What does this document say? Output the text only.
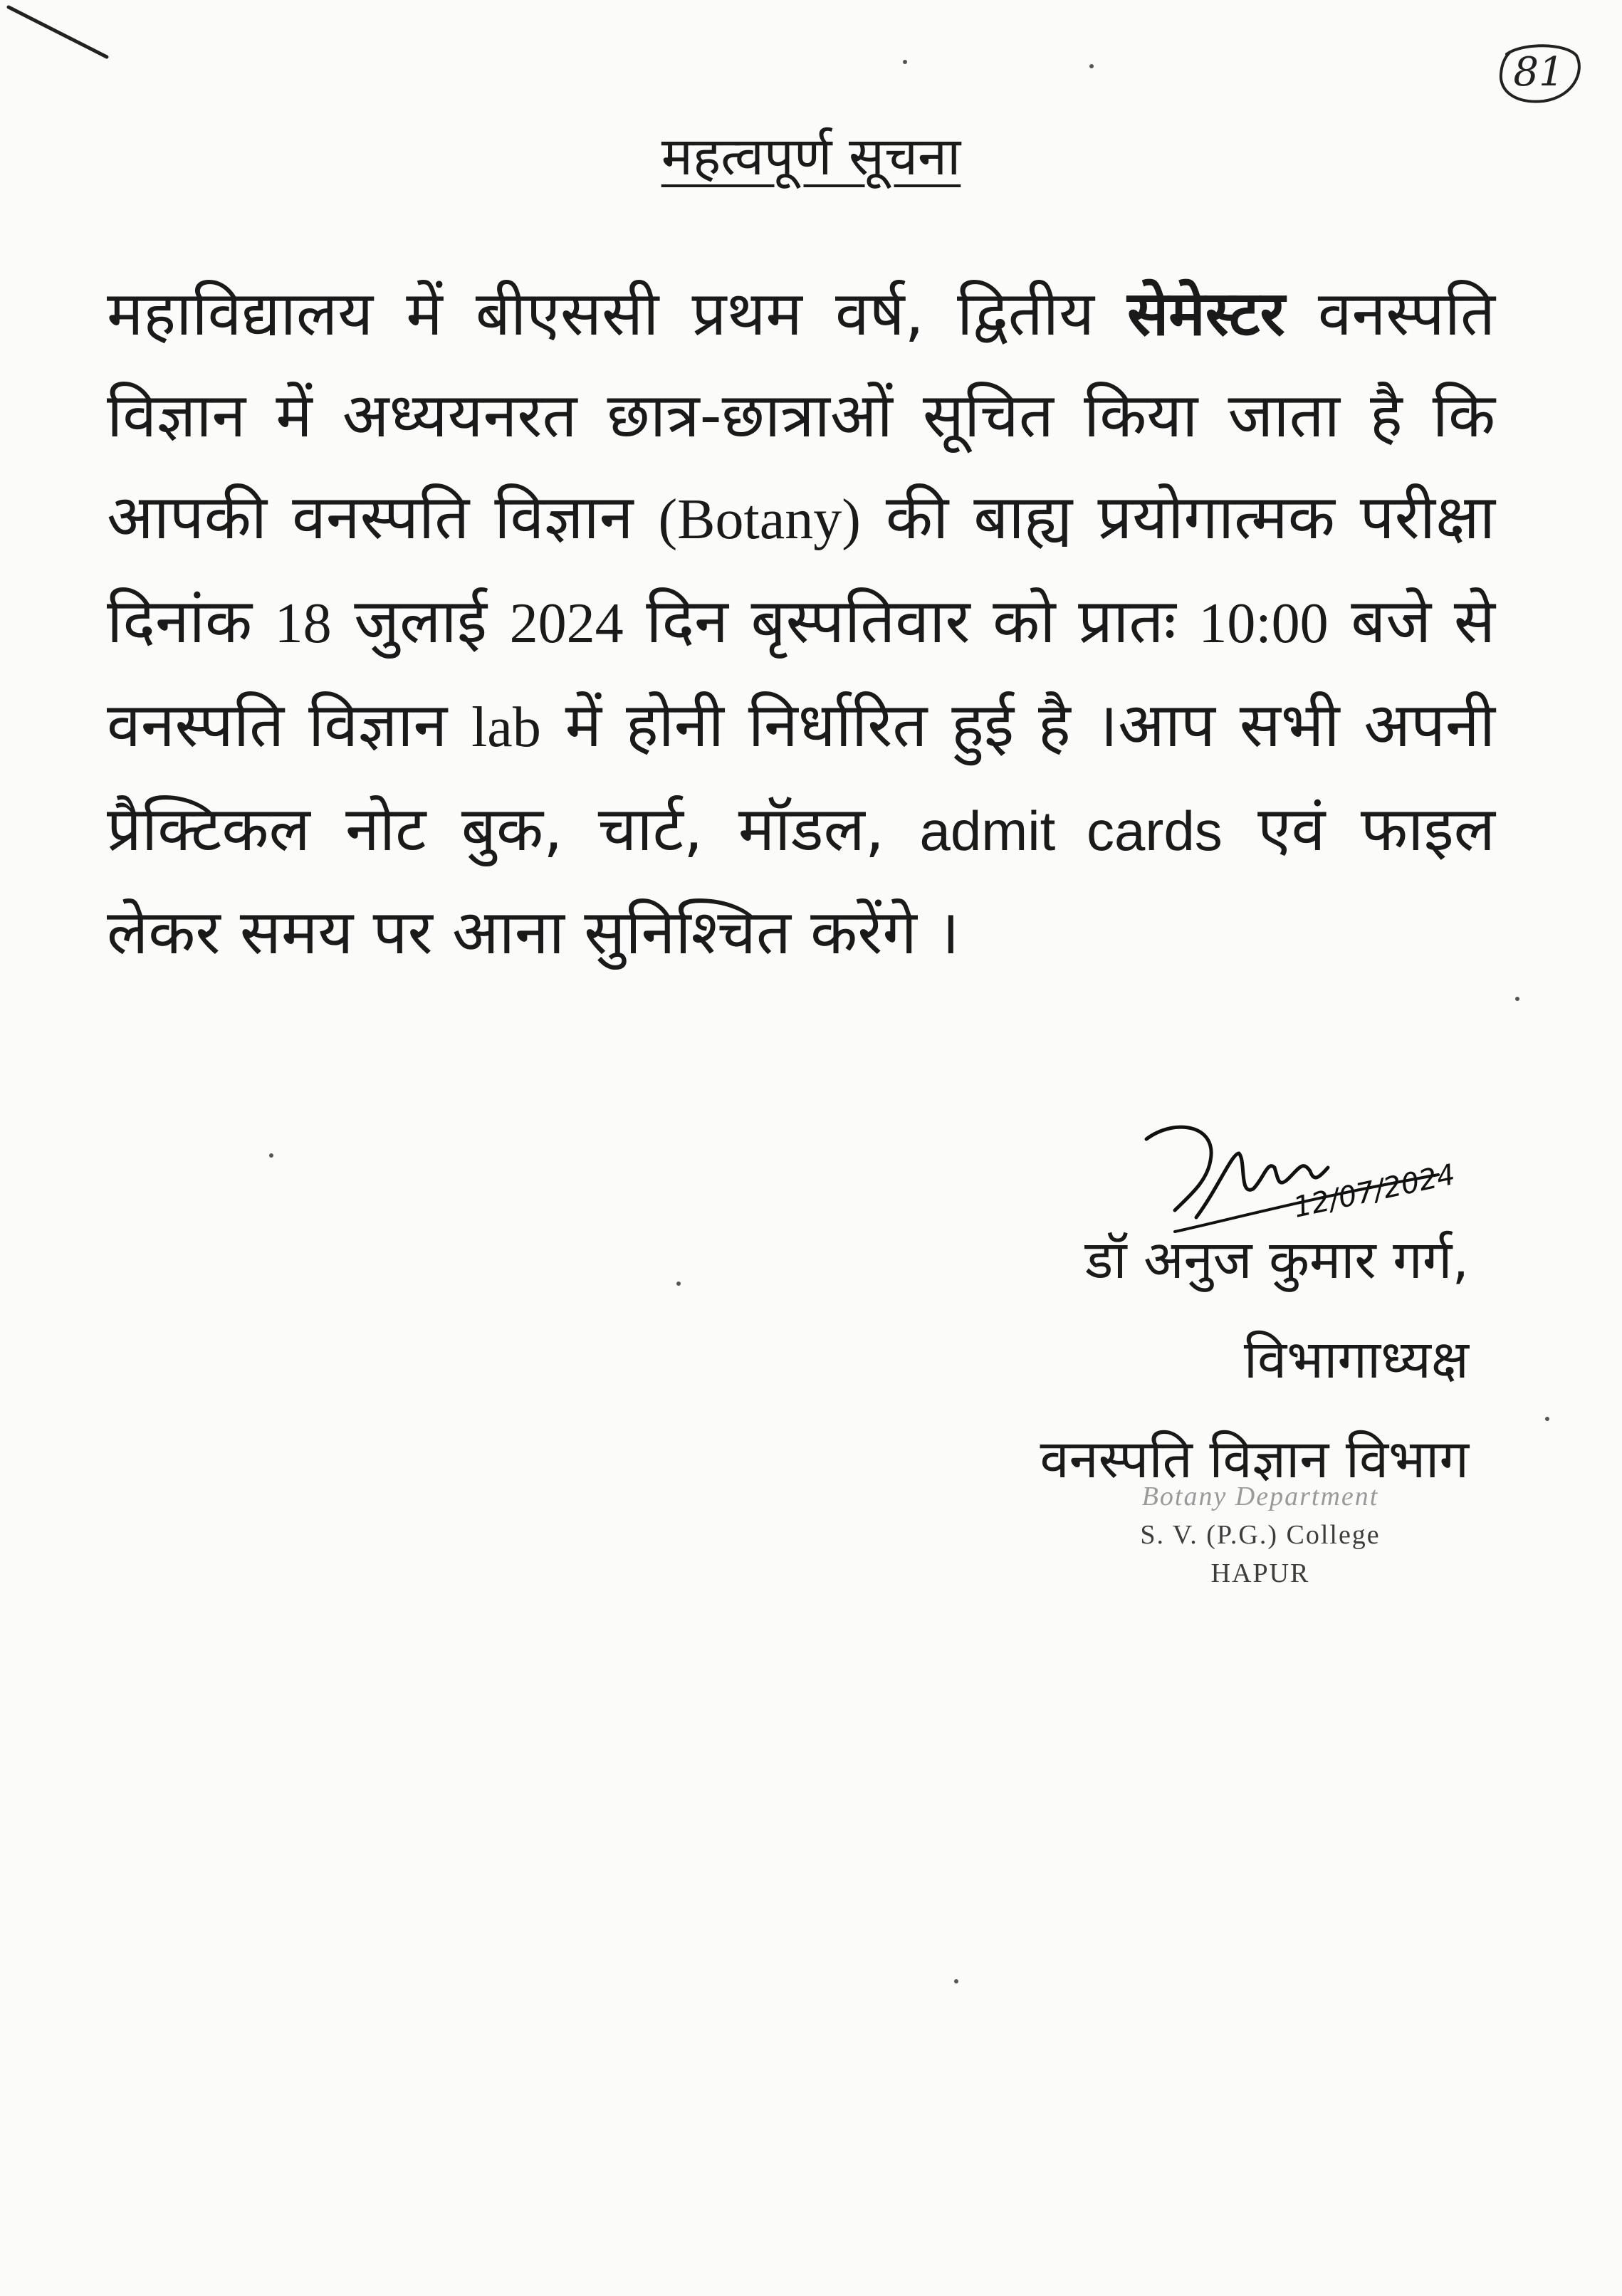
81
महत्वपूर्ण सूचना
महाविद्यालय में बीएससी प्रथम वर्ष, द्वितीय सेमेस्टर वनस्पति विज्ञान में अध्ययनरत छात्र-छात्राओं सूचित किया जाता है कि आपकी वनस्पति विज्ञान (Botany) की बाह्य प्रयोगात्मक परीक्षा दिनांक 18 जुलाई 2024 दिन बृस्पतिवार को प्रातः 10:00 बजे से वनस्पति विज्ञान lab में होनी निर्धारित हुई है ।आप सभी अपनी प्रैक्टिकल नोट बुक, चार्ट, मॉडल, admit cards एवं फाइल लेकर समय पर आना सुनिश्चित करेंगे ।
12/07/2024
डॉ अनुज कुमार गर्ग,
विभागाध्यक्ष
वनस्पति विज्ञान विभाग
Botany Department
S. V. (P.G.) College
HAPUR
